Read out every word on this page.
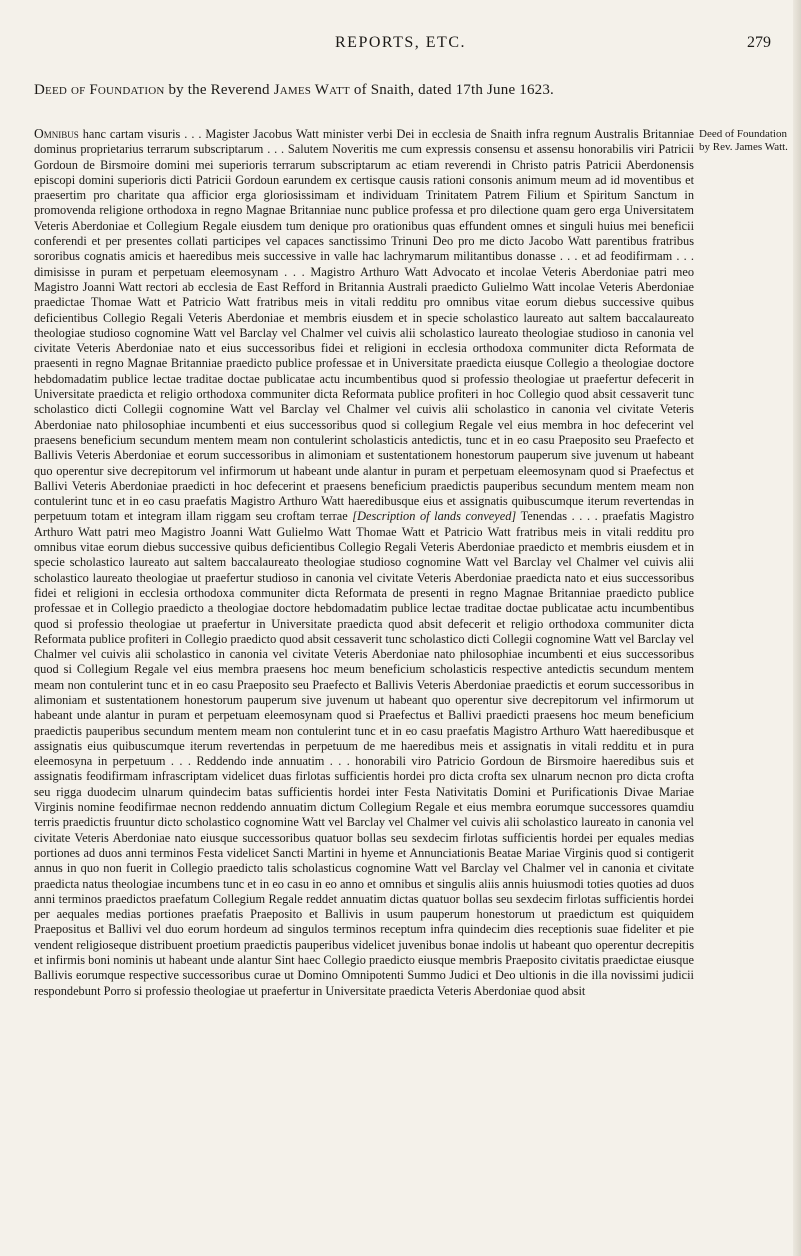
REPORTS, ETC.	279
Deed of Foundation by the Reverend James Watt of Snaith, dated 17th June 1623.
Deed of Foundation by Rev. James Watt.
Omnibus hanc cartam visuris . . . Magister Jacobus Watt minister verbi Dei in ecclesia de Snaith infra regnum Australis Britanniae dominus proprietarius terrarum subscriptarum . . . Salutem Noveritis me cum expressis consensu et assensu honorabilis viri Patricii Gordoun de Birsmoire domini mei superioris terrarum subscriptarum ac etiam reverendi in Christo patris Patricii Aberdonensis episcopi domini superioris dicti Patricii Gordoun earundem ex certisque causis rationi consonis animum meum ad id moventibus et praesertim pro charitate qua afficior erga gloriosissimam et individuam Trinitatem Patrem Filium et Spiritum Sanctum in promovenda religione orthodoxa in regno Magnae Britanniae nunc publice professa et pro dilectione quam gero erga Universitatem Veteris Aberdoniae et Collegium Regale eiusdem tum denique pro orationibus quas effundent omnes et singuli huius mei beneficii conferendi et per presentes collati participes vel capaces sanctissimo Trinuni Deo pro me dicto Jacobo Watt parentibus fratribus sororibus cognatis amicis et haeredibus meis successive in valle hac lachrymarum militantibus donasse . . . et ad feodifirmam . . . dimisisse in puram et perpetuam eleemosynam . . . Magistro Arthuro Watt Advocato et incolae Veteris Aberdoniae patri meo Magistro Joanni Watt rectori ab ecclesia de East Refford in Britannia Australi praedicto Gulielmo Watt incolae Veteris Aberdoniae praedictae Thomae Watt et Patricio Watt fratribus meis in vitali redditu pro omnibus vitae eorum diebus successive quibus deficientibus Collegio Regali Veteris Aberdoniae et membris eiusdem et in specie scholastico laureato aut saltem baccalaureato theologiae studioso cognomine Watt vel Barclay vel Chalmer vel cuivis alii scholastico laureato theologiae studioso in canonia vel civitate Veteris Aberdoniae nato et eius successoribus fidei et religioni in ecclesia orthodoxa communiter dicta Reformata de praesenti in regno Magnae Britanniae praedicto publice professae et in Universitate praedicta eiusque Collegio a theologiae doctore hebdomadatim publice lectae traditae doctae publicatae actu incumbentibus quod si professio theologiae ut praefertur defecerit in Universitate praedicta et religio orthodoxa communiter dicta Reformata publice profiteri in hoc Collegio quod absit cessaverit tunc scholastico dicti Collegii cognomine Watt vel Barclay vel Chalmer vel cuivis alii scholastico in canonia vel civitate Veteris Aberdoniae nato philosophiae incumbenti et eius successoribus quod si collegium Regale vel eius membra in hoc defecerint vel praesens beneficium secundum mentem meam non contulerint scholasticis antedictis, tunc et in eo casu Praeposito seu Praefecto et Ballivis Veteris Aberdoniae et eorum successoribus in alimoniam et sustentationem honestorum pauperum sive juvenum ut habeant quo operentur sive decrepitorum vel infirmorum ut habeant unde alantur in puram et perpetuam eleemosynam quod si Praefectus et Ballivi Veteris Aberdoniae praedicti in hoc defecerint et praesens beneficium praedictis pauperibus secundum mentem meam non contulerint tunc et in eo casu praefatis Magistro Arthuro Watt haeredibusque eius et assignatis quibuscumque iterum revertendas in perpetuum totam et integram illam riggam seu croftam terrae [Description of lands conveyed] Tenendas . . . . praefatis Magistro Arthuro Watt patri meo Magistro Joanni Watt Gulielmo Watt Thomae Watt et Patricio Watt fratribus meis in vitali redditu pro omnibus vitae eorum diebus successive quibus deficientibus Collegio Regali Veteris Aberdoniae praedicto et membris eiusdem et in specie scholastico laureato aut saltem baccalaureato theologiae studioso cognomine Watt vel Barclay vel Chalmer vel cuivis alii scholastico laureato theologiae ut praefertur studioso in canonia vel civitate Veteris Aberdoniae praedicta nato et eius successoribus fidei et religioni in ecclesia orthodoxa communiter dicta Reformata de presenti in regno Magnae Britanniae praedicto publice professae et in Collegio praedicto a theologiae doctore hebdomadatim publice lectae traditae doctae publicatae actu incumbentibus quod si professio theologiae ut praefertur in Universitate praedicta quod absit defecerit et religio orthodoxa communiter dicta Reformata publice profiteri in Collegio praedicto quod absit cessaverit tunc scholastico dicti Collegii cognomine Watt vel Barclay vel Chalmer vel cuivis alii scholastico in canonia vel civitate Veteris Aberdoniae nato philosophiae incumbenti et eius successoribus quod si Collegium Regale vel eius membra praesens hoc meum beneficium scholasticis respective antedictis secundum mentem meam non contulerint tunc et in eo casu Praeposito seu Praefecto et Ballivis Veteris Aberdoniae praedictis et eorum successoribus in alimoniam et sustentationem honestorum pauperum sive juvenum ut habeant quo operentur sive decrepitorum vel infirmorum ut habeant unde alantur in puram et perpetuam eleemosynam quod si Praefectus et Ballivi praedicti praesens hoc meum beneficium praedictis pauperibus secundum mentem meam non contulerint tunc et in eo casu praefatis Magistro Arthuro Watt haeredibusque et assignatis eius quibuscumque iterum revertendas in perpetuum de me haeredibus meis et assignatis in vitali redditu et in pura eleemosyna in perpetuum . . . Reddendo inde annuatim . . . honorabili viro Patricio Gordoun de Birsmoire haeredibus suis et assignatis feodifirmam infrascriptam videlicet duas firlotas sufficientis hordei pro dicta crofta sex ulnarum necnon pro dicta crofta seu rigga duodecim ulnarum quindecim batas sufficientis hordei inter Festa Nativitatis Domini et Purificationis Divae Mariae Virginis nomine feodifirmae necnon reddendo annuatim dictum Collegium Regale et eius membra eorumque successores quamdiu terris praedictis fruuntur dicto scholastico cognomine Watt vel Barclay vel Chalmer vel cuivis alii scholastico laureato in canonia vel civitate Veteris Aberdoniae nato eiusque successoribus quatuor bollas seu sexdecim firlotas sufficientis hordei per equales medias portiones ad duos anni terminos Festa videlicet Sancti Martini in hyeme et Annunciationis Beatae Mariae Virginis quod si contigerit annus in quo non fuerit in Collegio praedicto talis scholasticus cognomine Watt vel Barclay vel Chalmer vel in canonia et civitate praedicta natus theologiae incumbens tunc et in eo casu in eo anno et omnibus et singulis aliis annis huiusmodi toties quoties ad duos anni terminos praedictos praefatum Collegium Regale reddet annuatim dictas quatuor bollas seu sexdecim firlotas sufficientis hordei per aequales medias portiones praefatis Praeposito et Ballivis in usum pauperum honestorum ut praedictum est quiquidem Praepositus et Ballivi vel duo eorum hordeum ad singulos terminos receptum infra quindecim dies receptionis suae fideliter et pie vendent religioseque distribuent proetium praedictis pauperibus videlicet juvenibus bonae indolis ut habeant quo operentur decrepitis et infirmis boni nominis ut habeant unde alantur Sint haec Collegio praedicto eiusque membris Praeposito civitatis praedictae eiusque Ballivis eorumque respective successoribus curae ut Domino Omnipotenti Summo Judici et Deo ultionis in die illa novissimi judicii respondebunt Porro si professio theologiae ut praefertur in Universitate praedicta Veteris Aberdoniae quod absit
